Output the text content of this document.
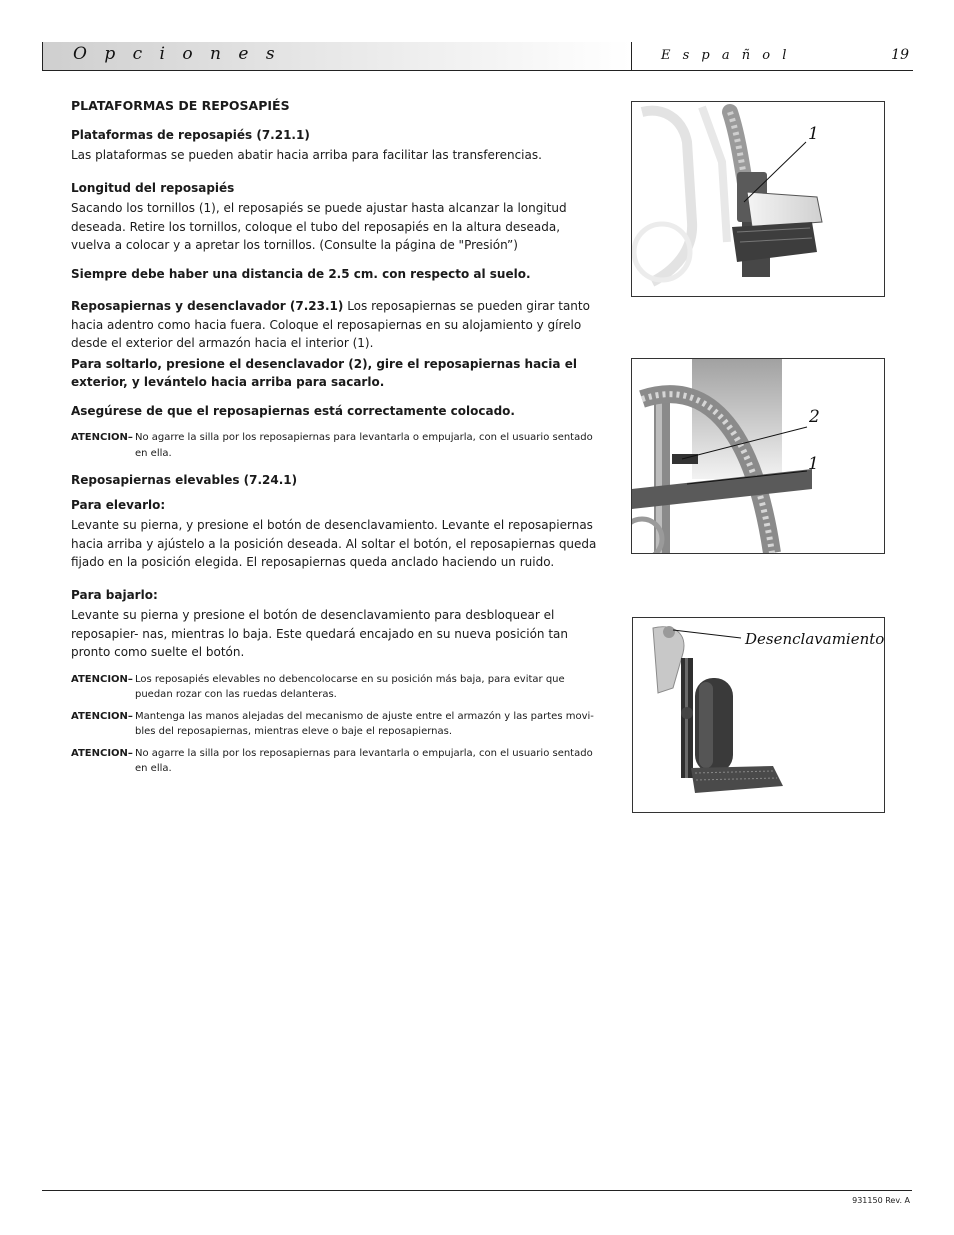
O p c i o n e s	E s p a ñ o l	19

PLATAFORMAS DE REPOSAPIÉS

Plataformas de reposapiés (7.21.1)

Las plataformas se pueden abatir hacia arriba para facilitar las transferencias.

Longitud del reposapiés

Sacando los tornillos (1), el reposapiés se puede ajustar hasta alcanzar la longitud deseada. Retire los tornillos, coloque el tubo del reposapiés en la altura deseada, vuelva a colocar y a apretar los tornillos. (Consulte la página de "Presión”)

Siempre debe haber una distancia de 2.5 cm. con respecto al suelo.

Reposapiernas y desenclavador (7.23.1) Los reposapiernas se pueden girar tanto hacia adentro como hacia fuera. Coloque el reposapiernas en su alojamiento y gírelo desde el exterior del armazón hacia el interior (1).

Para soltarlo, presione el desenclavador (2), gire el reposapiernas hacia el exterior, y levántelo hacia arriba para sacarlo.

Asegúrese de que el reposapiernas está correctamente colocado.

ATENCION– No agarre la silla por los reposapiernas para levantarla o empujarla, con el usuario sentado en ella.

Reposapiernas elevables (7.24.1)

Para elevarlo:

Levante su pierna, y presione el botón de desenclavamiento. Levante el reposapiernas hacia arriba y ajústelo a la posición deseada. Al soltar el botón, el reposapiernas queda fijado en la posición elegida. El reposapiernas queda anclado haciendo un ruido.

Para bajarlo:

Levante su pierna y presione el botón de desenclavamiento para desbloquear el reposapier- nas, mientras lo baja. Este quedará encajado en su nueva posición tan pronto como suelte el botón.

ATENCION– Los reposapiés elevables no debencolocarse en su posición más baja, para evitar que puedan rozar con las ruedas delanteras.
ATENCION– Mantenga las manos alejadas del mecanismo de ajuste entre el armazón y las partes movi- bles del reposapiernas, mientras eleve o baje el reposapiernas.
ATENCION– No agarre la silla por los reposapiernas para levantarla o empujarla, con el usuario sentado en ella.
1
2
1
Desenclavamiento
931150 Rev. A
